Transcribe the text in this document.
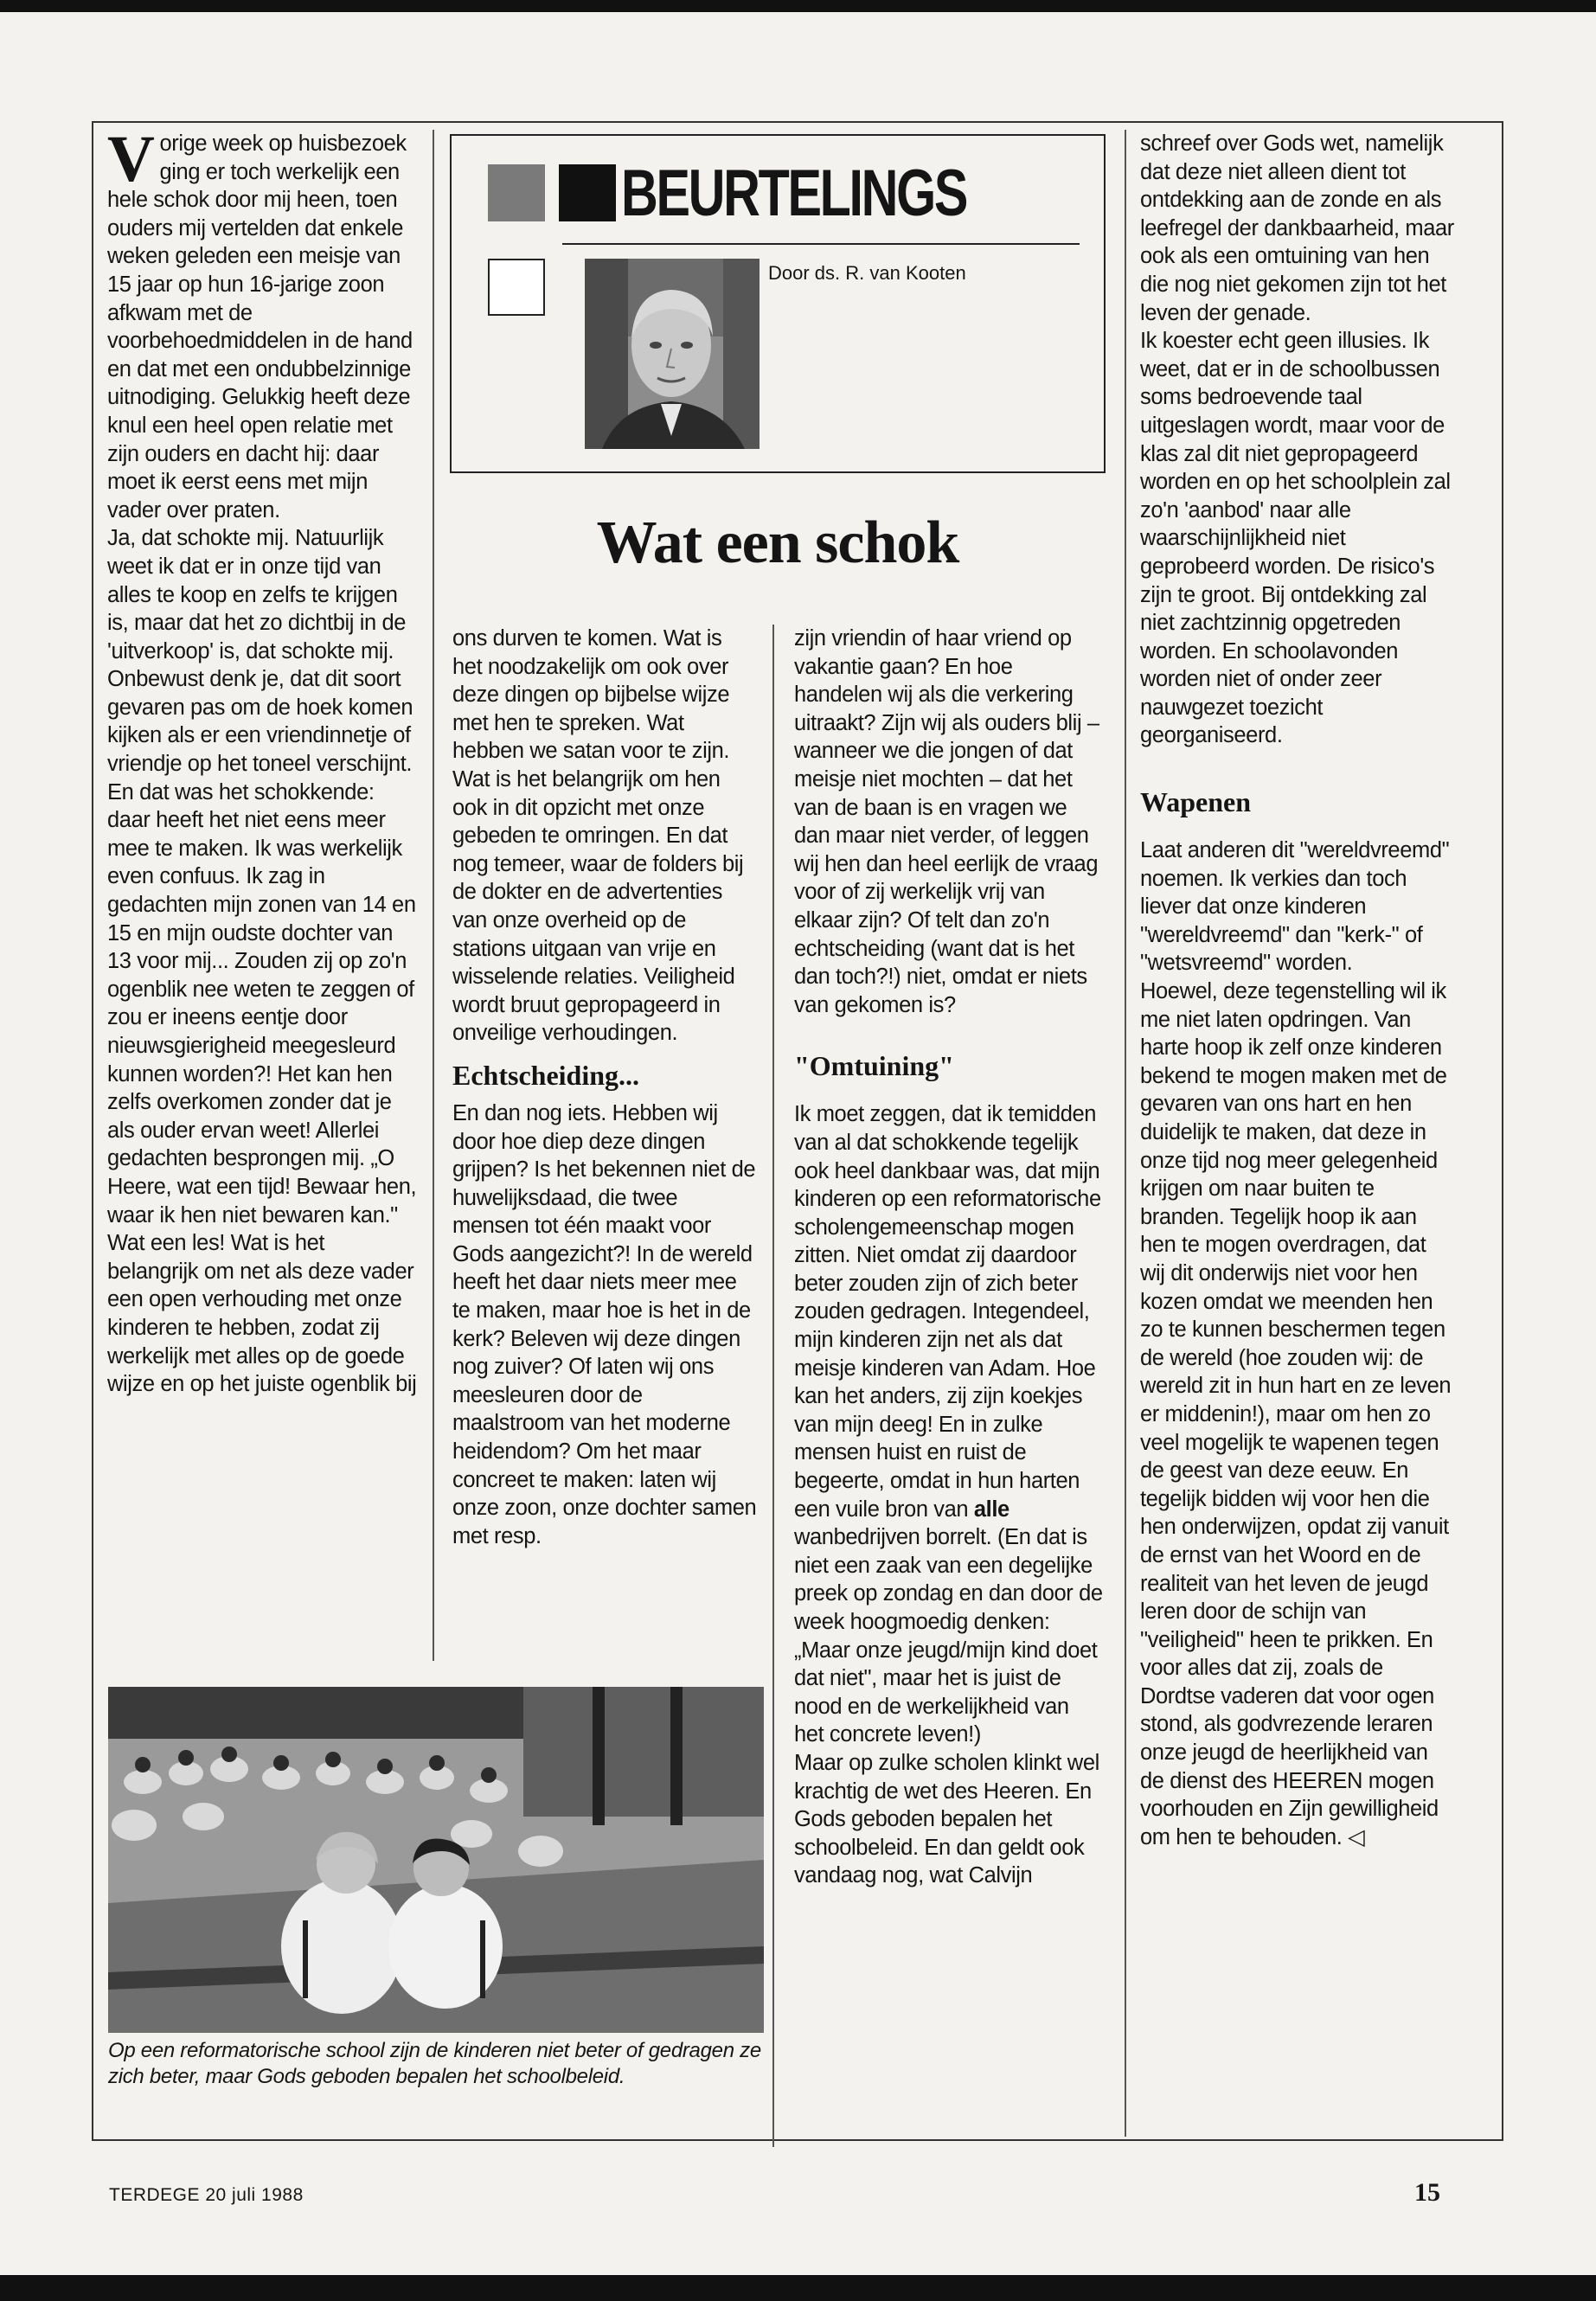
Vorige week op huisbezoek ging er toch werkelijk een hele schok door mij heen, toen ouders mij vertelden dat enkele weken geleden een meisje van 15 jaar op hun 16-jarige zoon afkwam met de voorbehoedmiddelen in de hand en dat met een ondubbelzinnige uitnodiging. Gelukkig heeft deze knul een heel open relatie met zijn ouders en dacht hij: daar moet ik eerst eens met mijn vader over praten.

Ja, dat schokte mij. Natuurlijk weet ik dat er in onze tijd van alles te koop en zelfs te krijgen is, maar dat het zo dichtbij in de 'uitverkoop' is, dat schokte mij. Onbewust denk je, dat dit soort gevaren pas om de hoek komen kijken als er een vriendinnetje of vriendje op het toneel verschijnt.

En dat was het schokkende: daar heeft het niet eens meer mee te maken. Ik was werkelijk even confuus. Ik zag in gedachten mijn zonen van 14 en 15 en mijn oudste dochter van 13 voor mij... Zouden zij op zo'n ogenblik nee weten te zeggen of zou er ineens eentje door nieuwsgierigheid meegesleurd kunnen worden?! Het kan hen zelfs overkomen zonder dat je als ouder ervan weet! Allerlei gedachten besprongen mij. „O Heere, wat een tijd! Bewaar hen, waar ik hen niet bewaren kan."

Wat een les! Wat is het belangrijk om net als deze vader een open verhouding met onze kinderen te hebben, zodat zij werkelijk met alles op de goede wijze en op het juiste ogenblik bij

BEURTELINGS
Door ds. R. van Kooten
Wat een schok

ons durven te komen. Wat is het noodzakelijk om ook over deze dingen op bijbelse wijze met hen te spreken. Wat hebben we satan voor te zijn.

Wat is het belangrijk om hen ook in dit opzicht met onze gebeden te omringen. En dat nog temeer, waar de folders bij de dokter en de advertenties van onze overheid op de stations uitgaan van vrije en wisselende relaties. Veiligheid wordt bruut gepropageerd in onveilige verhoudingen.

Echtscheiding...

En dan nog iets. Hebben wij door hoe diep deze dingen grijpen? Is het bekennen niet de huwelijksdaad, die twee mensen tot één maakt voor Gods aangezicht?! In de wereld heeft het daar niets meer mee te maken, maar hoe is het in de kerk? Beleven wij deze dingen nog zuiver? Of laten wij ons meesleuren door de maalstroom van het moderne heidendom? Om het maar concreet te maken: laten wij onze zoon, onze dochter samen met resp.

zijn vriendin of haar vriend op vakantie gaan? En hoe handelen wij als die verkering uitraakt? Zijn wij als ouders blij – wanneer we die jongen of dat meisje niet mochten – dat het van de baan is en vragen we dan maar niet verder, of leggen wij hen dan heel eerlijk de vraag voor of zij werkelijk vrij van elkaar zijn? Of telt dan zo'n echtscheiding (want dat is het dan toch?!) niet, omdat er niets van gekomen is?

"Omtuining"

Ik moet zeggen, dat ik temidden van al dat schokkende tegelijk ook heel dankbaar was, dat mijn kinderen op een reformatorische scholengemeenschap mogen zitten. Niet omdat zij daardoor beter zouden zijn of zich beter zouden gedragen. Integendeel, mijn kinderen zijn net als dat meisje kinderen van Adam. Hoe kan het anders, zij zijn koekjes van mijn deeg! En in zulke mensen huist en ruist de begeerte, omdat in hun harten een vuile bron van alle wanbedrijven borrelt. (En dat is niet een zaak van een degelijke preek op zondag en dan door de week hoogmoedig denken: „Maar onze jeugd/mijn kind doet dat niet", maar het is juist de nood en de werkelijkheid van het concrete leven!)

Maar op zulke scholen klinkt wel krachtig de wet des Heeren. En Gods geboden bepalen het schoolbeleid. En dan geldt ook vandaag nog, wat Calvijn

schreef over Gods wet, namelijk dat deze niet alleen dient tot ontdekking aan de zonde en als leefregel der dankbaarheid, maar ook als een omtuining van hen die nog niet gekomen zijn tot het leven der genade.

Ik koester echt geen illusies. Ik weet, dat er in de schoolbussen soms bedroevende taal uitgeslagen wordt, maar voor de klas zal dit niet gepropageerd worden en op het schoolplein zal zo'n 'aanbod' naar alle waarschijnlijkheid niet geprobeerd worden. De risico's zijn te groot. Bij ontdekking zal niet zachtzinnig opgetreden worden. En schoolavonden worden niet of onder zeer nauwgezet toezicht georganiseerd.

Wapenen

Laat anderen dit "wereldvreemd" noemen. Ik verkies dan toch liever dat onze kinderen "wereldvreemd" dan "kerk-" of "wetsvreemd" worden.

Hoewel, deze tegenstelling wil ik me niet laten opdringen. Van harte hoop ik zelf onze kinderen bekend te mogen maken met de gevaren van ons hart en hen duidelijk te maken, dat deze in onze tijd nog meer gelegenheid krijgen om naar buiten te branden. Tegelijk hoop ik aan hen te mogen overdragen, dat wij dit onderwijs niet voor hen kozen omdat we meenden hen zo te kunnen beschermen tegen de wereld (hoe zouden wij: de wereld zit in hun hart en ze leven er middenin!), maar om hen zo veel mogelijk te wapenen tegen de geest van deze eeuw. En tegelijk bidden wij voor hen die hen onderwijzen, opdat zij vanuit de ernst van het Woord en de realiteit van het leven de jeugd leren door de schijn van "veiligheid" heen te prikken. En voor alles dat zij, zoals de Dordtse vaderen dat voor ogen stond, als godvrezende leraren onze jeugd de heerlijkheid van de dienst des HEEREN mogen voorhouden en Zijn gewilligheid om hen te behouden. ◁

Op een reformatorische school zijn de kinderen niet beter of gedragen ze zich beter, maar Gods geboden bepalen het schoolbeleid.
TERDEGE 20 juli 1988	15
